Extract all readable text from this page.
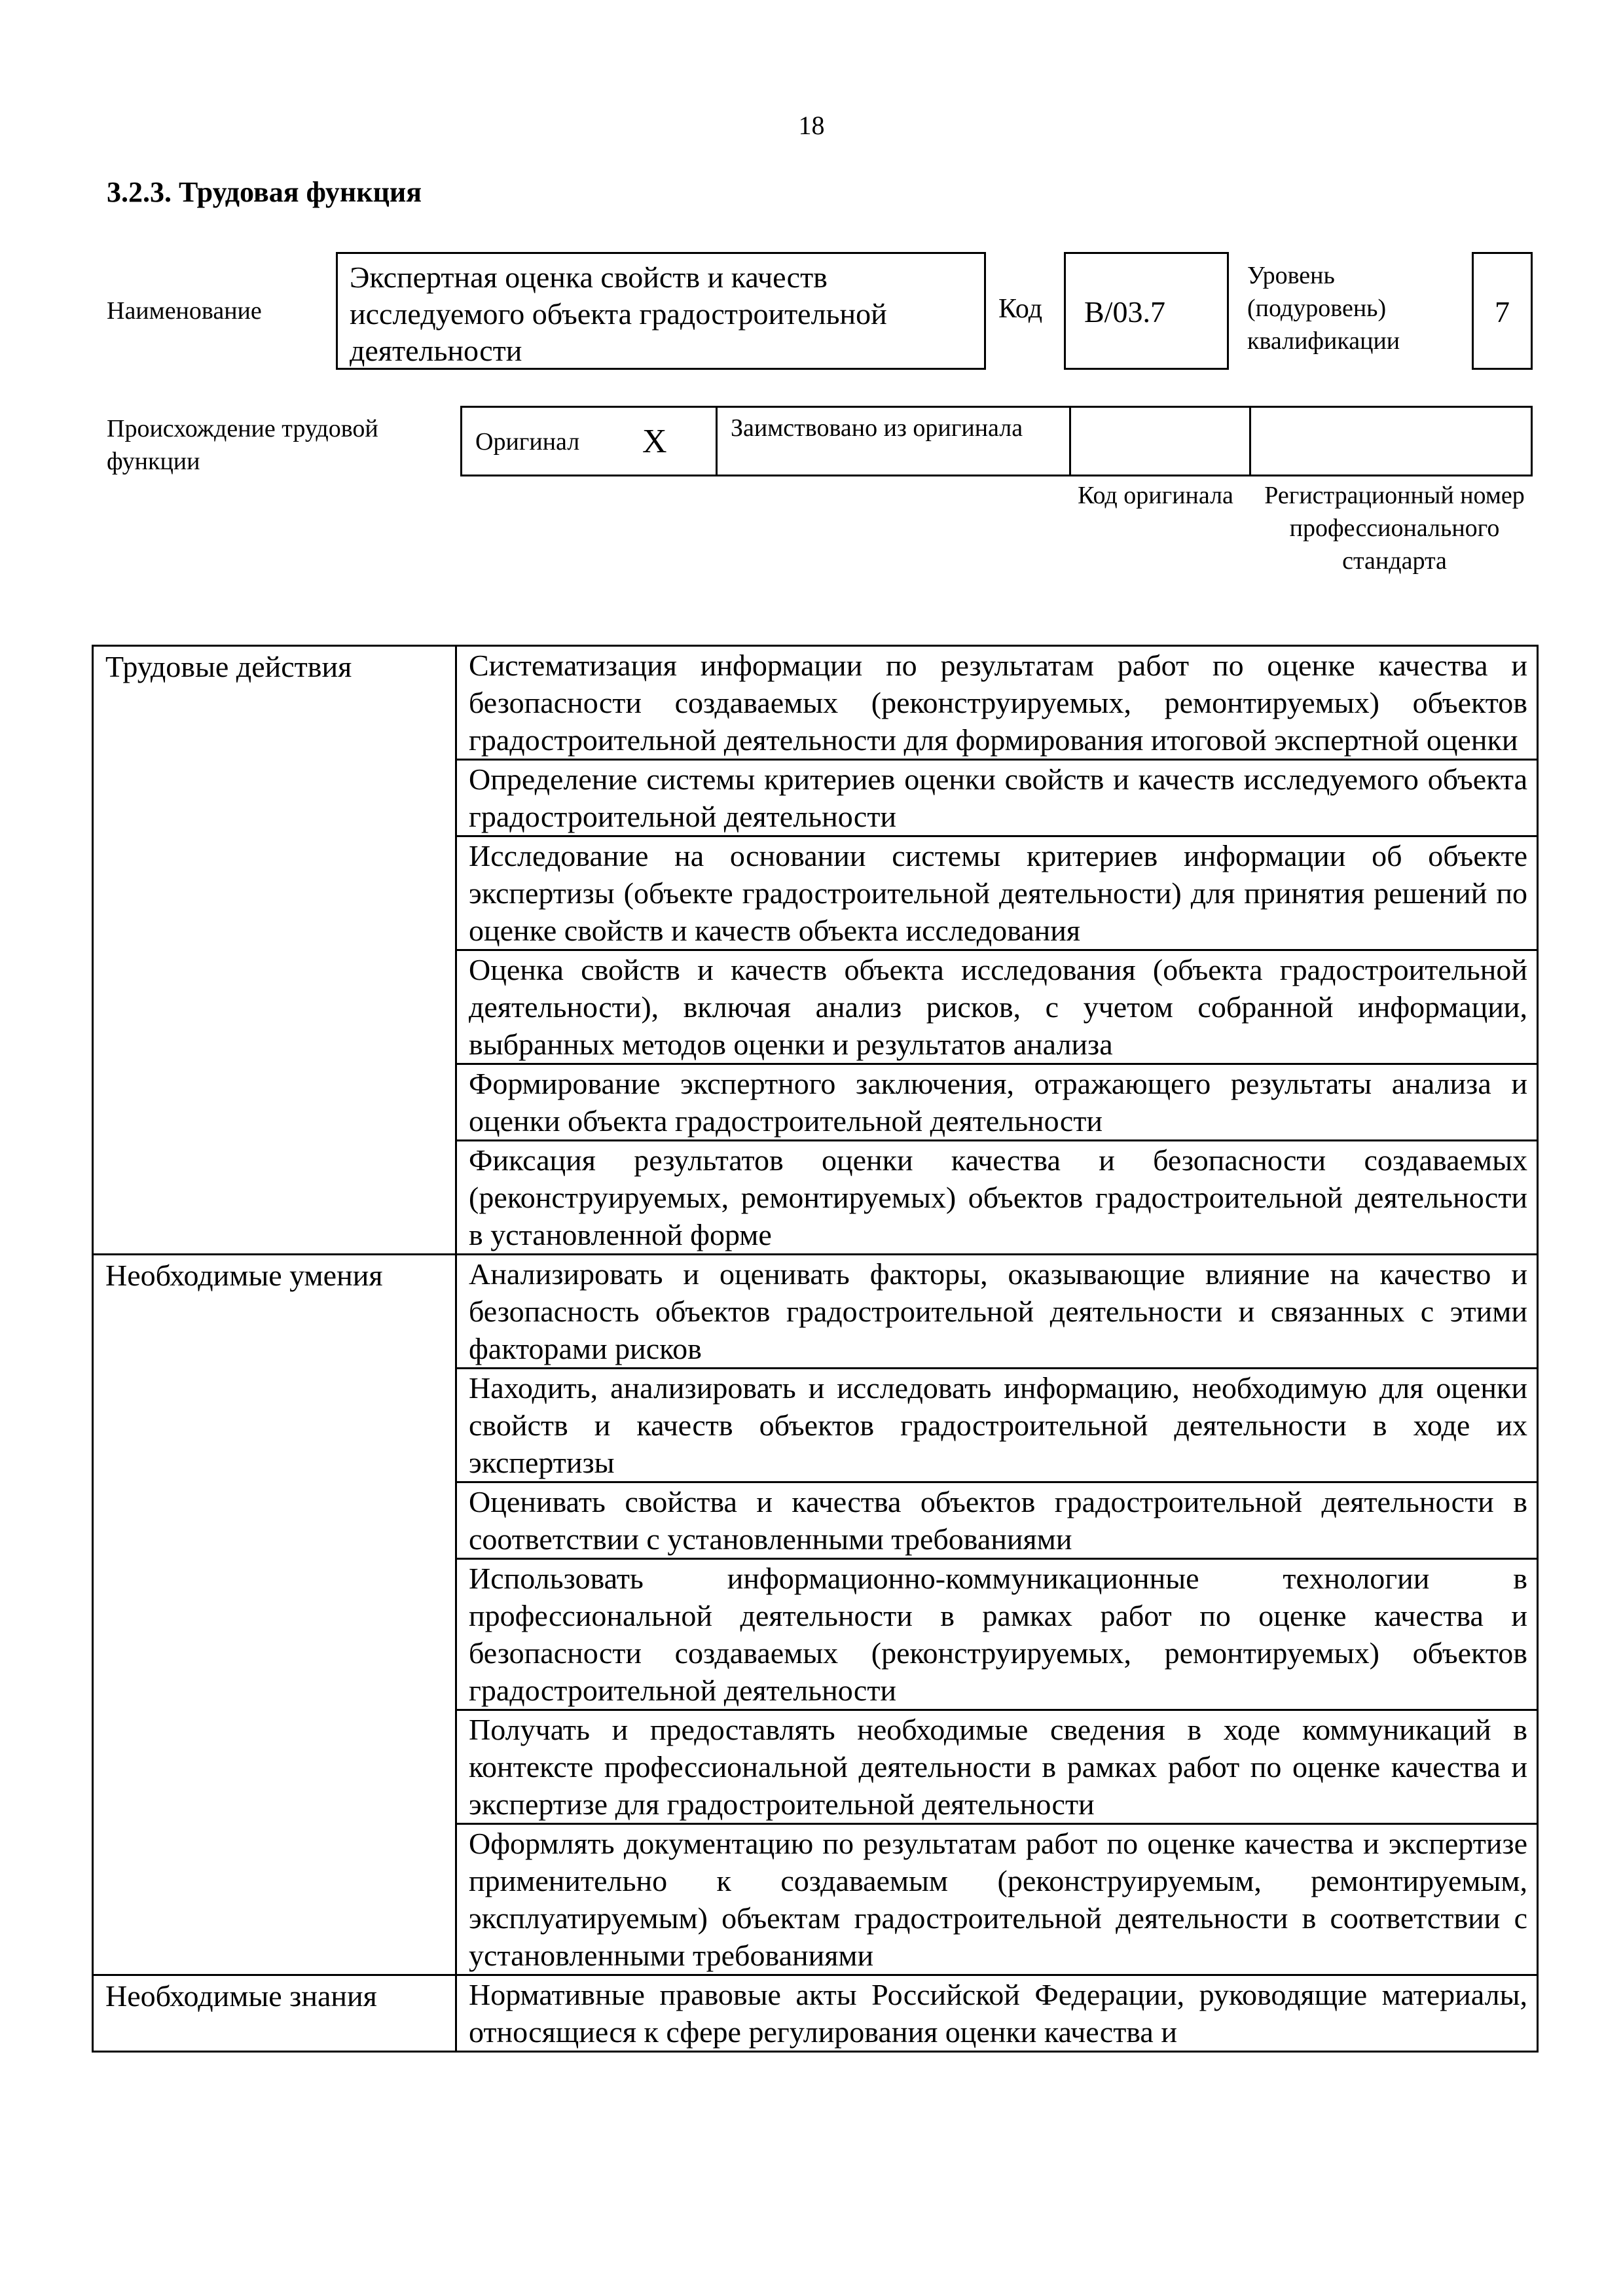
18
3.2.3. Трудовая функция
Наименование
Экспертная оценка свойств и качеств исследуемого объекта градостроительной деятельности
Код	B/03.7
Уровень (подуровень) квалификации
7
Происхождение трудовой функции
Оригинал X	Заимствовано из оригинала
Код оригинала	Регистрационный номер профессионального стандарта
Трудовые действия	Систематизация информации по результатам работ по оценке качества и безопасности создаваемых (реконструируемых, ремонтируемых) объектов градостроительной деятельности для формирования итоговой экспертной оценки
	Определение системы критериев оценки свойств и качеств исследуемого объекта градостроительной деятельности
	Исследование на основании системы критериев информации об объекте экспертизы (объекте градостроительной деятельности) для принятия решений по оценке свойств и качеств объекта исследования
	Оценка свойств и качеств объекта исследования (объекта градостроительной деятельности), включая анализ рисков, с учетом собранной информации, выбранных методов оценки и результатов анализа
	Формирование экспертного заключения, отражающего результаты анализа и оценки объекта градостроительной деятельности
	Фиксация результатов оценки качества и безопасности создаваемых (реконструируемых, ремонтируемых) объектов градостроительной деятельности в установленной форме
Необходимые умения	Анализировать и оценивать факторы, оказывающие влияние на качество и безопасность объектов градостроительной деятельности и связанных с этими факторами рисков
	Находить, анализировать и исследовать информацию, необходимую для оценки свойств и качеств объектов градостроительной деятельности в ходе их экспертизы
	Оценивать свойства и качества объектов градостроительной деятельности в соответствии с установленными требованиями
	Использовать информационно-коммуникационные технологии в профессиональной деятельности в рамках работ по оценке качества и безопасности создаваемых (реконструируемых, ремонтируемых) объектов градостроительной деятельности
	Получать и предоставлять необходимые сведения в ходе коммуникаций в контексте профессиональной деятельности в рамках работ по оценке качества и экспертизе для градостроительной деятельности
	Оформлять документацию по результатам работ по оценке качества и экспертизе применительно к создаваемым (реконструируемым, ремонтируемым, эксплуатируемым) объектам градостроительной деятельности в соответствии с установленными требованиями
Необходимые знания	Нормативные правовые акты Российской Федерации, руководящие материалы, относящиеся к сфере регулирования оценки качества и
